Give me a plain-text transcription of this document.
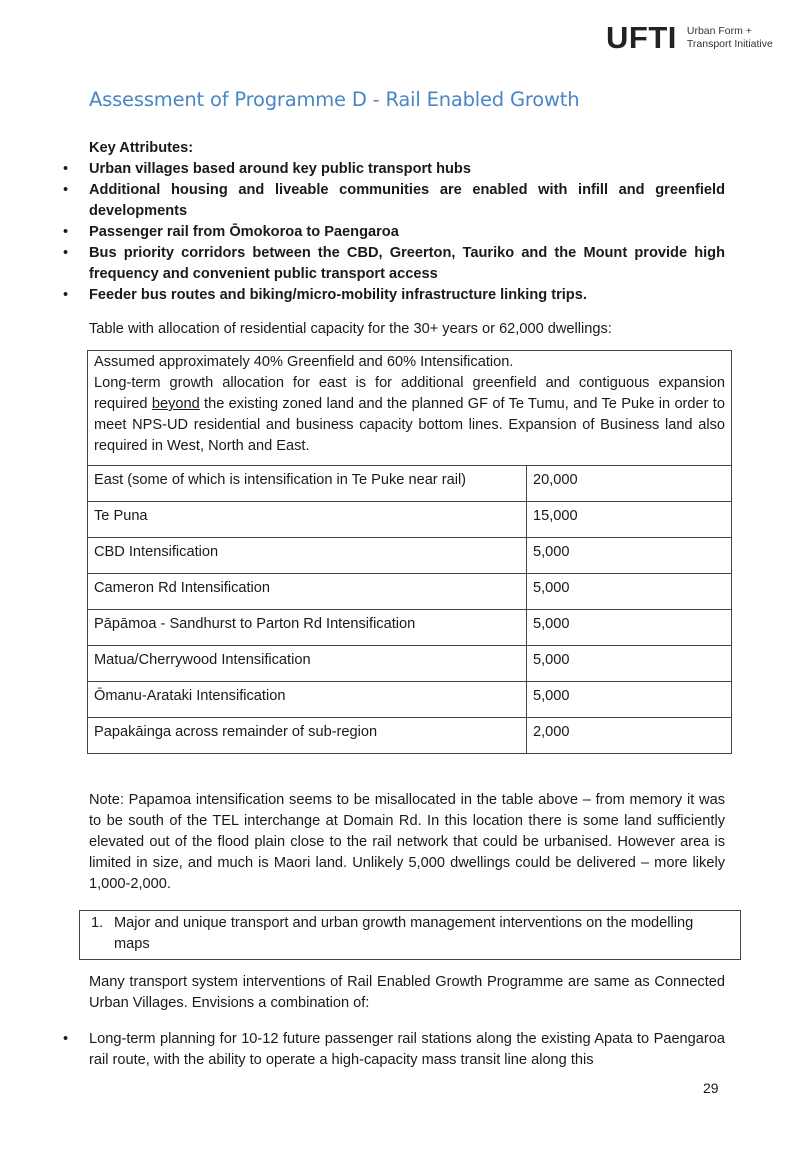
UFTI Urban Form +
Transport Initiative
Assessment of Programme D - Rail Enabled Growth

Key Attributes:

• Urban villages based around key public transport hubs
• Additional housing and liveable communities are enabled with infill and greenfield developments
• Passenger rail from Ōmokoroa to Paengaroa
• Bus priority corridors between the CBD, Greerton, Tauriko and the Mount provide high frequency and convenient public transport access
• Feeder bus routes and biking/micro-mobility infrastructure linking trips.

Table with allocation of residential capacity for the 30+ years or 62,000 dwellings:

Assumed approximately 40% Greenfield and 60% Intensification.
Long-term growth allocation for east is for additional greenfield and contiguous expansion required beyond the existing zoned land and the planned GF of Te Tumu, and Te Puke in order to meet NPS-UD residential and business capacity bottom lines. Expansion of Business land also required in West, North and East.	

East (some of which is intensification in Te Puke near rail)	20,000
Te Puna	15,000
CBD Intensification	5,000
Cameron Rd Intensification	5,000
Pāpāmoa - Sandhurst to Parton Rd Intensification	5,000
Matua/Cherrywood Intensification	5,000
Ōmanu-Arataki Intensification	5,000
Papakāinga across remainder of sub-region	2,000

Note: Papamoa intensification seems to be misallocated in the table above – from memory it was to be south of the TEL interchange at Domain Rd. In this location there is some land sufficiently elevated out of the flood plain close to the rail network that could be urbanised. However area is limited in size, and much is Maori land. Unlikely 5,000 dwellings could be delivered – more likely 1,000-2,000.

1. Major and unique transport and urban growth management interventions on the modelling maps

Many transport system interventions of Rail Enabled Growth Programme are same as Connected Urban Villages. Envisions a combination of:

• Long-term planning for 10-12 future passenger rail stations along the existing Apata to Paengaroa rail route, with the ability to operate a high-capacity mass transit line along this
29
